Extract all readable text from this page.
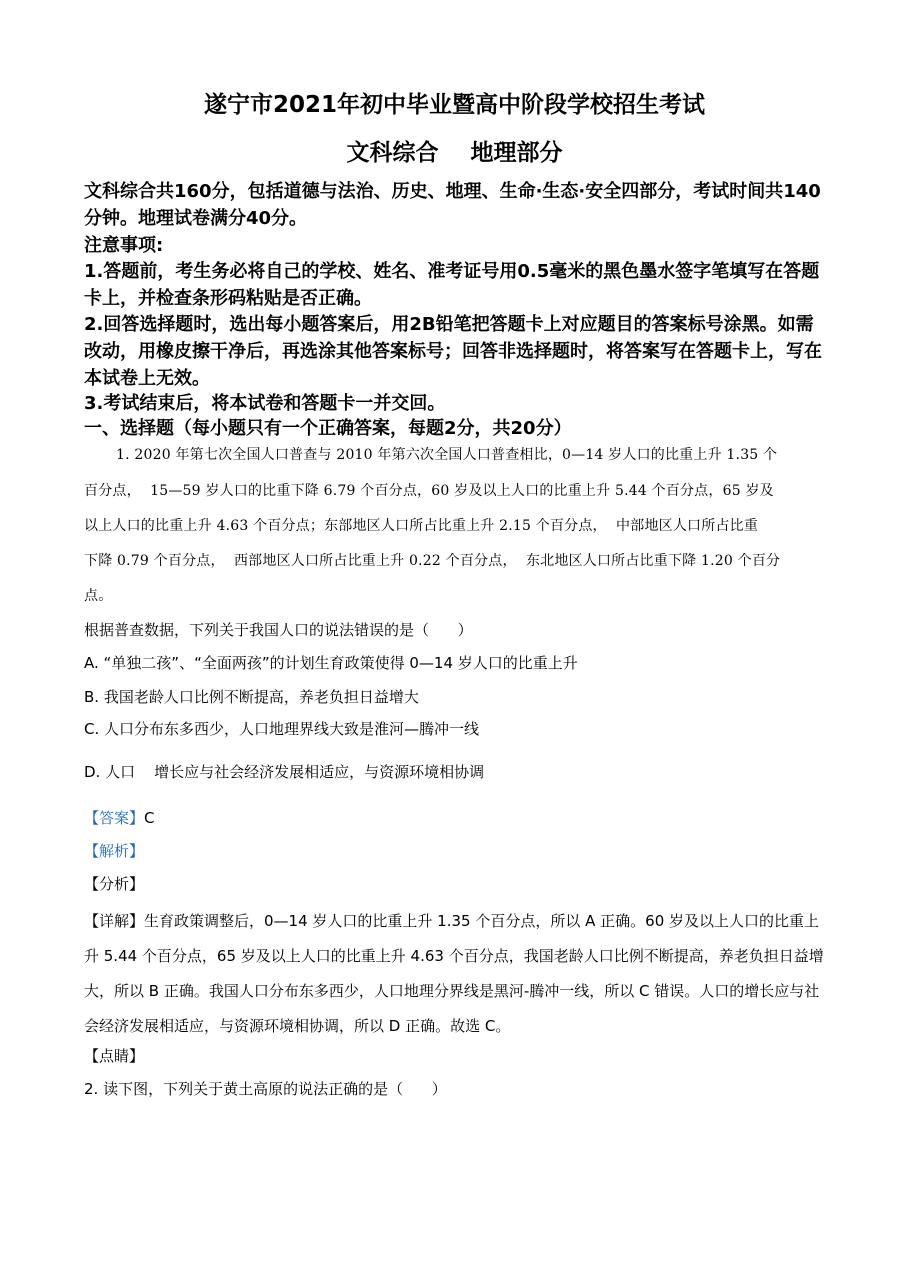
遂宁市2021年初中毕业暨高中阶段学校招生考试
文科综合    地理部分
文科综合共160分，包括道德与法治、历史、地理、生命·生态·安全四部分，考试时间共140分钟。地理试卷满分40分。
注意事项:
1.答题前，考生务必将自己的学校、姓名、准考证号用0.5毫米的黑色墨水签字笔填写在答题卡上，并检查条形码粘贴是否正确。
2.回答选择题时，选出每小题答案后，用2B铅笔把答题卡上对应题目的答案标号涂黑。如需改动，用橡皮擦干净后，再选涂其他答案标号；回答非选择题时，将答案写在答题卡上，写在本试卷上无效。
3.考试结束后，将本试卷和答题卡一并交回。
一、选择题（每小题只有一个正确答案，每题2分，共20分）
1. 2020 年第七次全国人口普查与 2010 年第六次全国人口普查相比，0—14 岁人口的比重上升 1.35 个
百分点，  15—59 岁人口的比重下降 6.79 个百分点，60 岁及以上人口的比重上升 5.44 个百分点，65 岁及
以上人口的比重上升 4.63 个百分点；东部地区人口所占比重上升 2.15 个百分点，  中部地区人口所占比重
下降 0.79 个百分点，  西部地区人口所占比重上升 0.22 个百分点，  东北地区人口所占比重下降 1.20 个百分
点。
根据普查数据，下列关于我国人口的说法错误的是（      ）
A. “单独二孩”、“全面两孩”的计划生育政策使得 0—14 岁人口的比重上升
B. 我国老龄人口比例不断提高，养老负担日益增大
C. 人口分布东多西少，人口地理界线大致是淮河—腾冲一线
D. 人口    增长应与社会经济发展相适应，与资源环境相协调
【答案】C
【解析】
【分析】
【详解】生育政策调整后，0—14 岁人口的比重上升 1.35 个百分点，所以 A 正确。60 岁及以上人口的比重上升 5.44 个百分点，65 岁及以上人口的比重上升 4.63 个百分点，我国老龄人口比例不断提高，养老负担日益增大，所以 B 正确。我国人口分布东多西少，人口地理分界线是黑河-腾冲一线，所以 C 错误。人口的增长应与社会经济发展相适应，与资源环境相协调，所以 D 正确。故选 C。
【点睛】
2. 读下图，下列关于黄土高原的说法正确的是（      ）
